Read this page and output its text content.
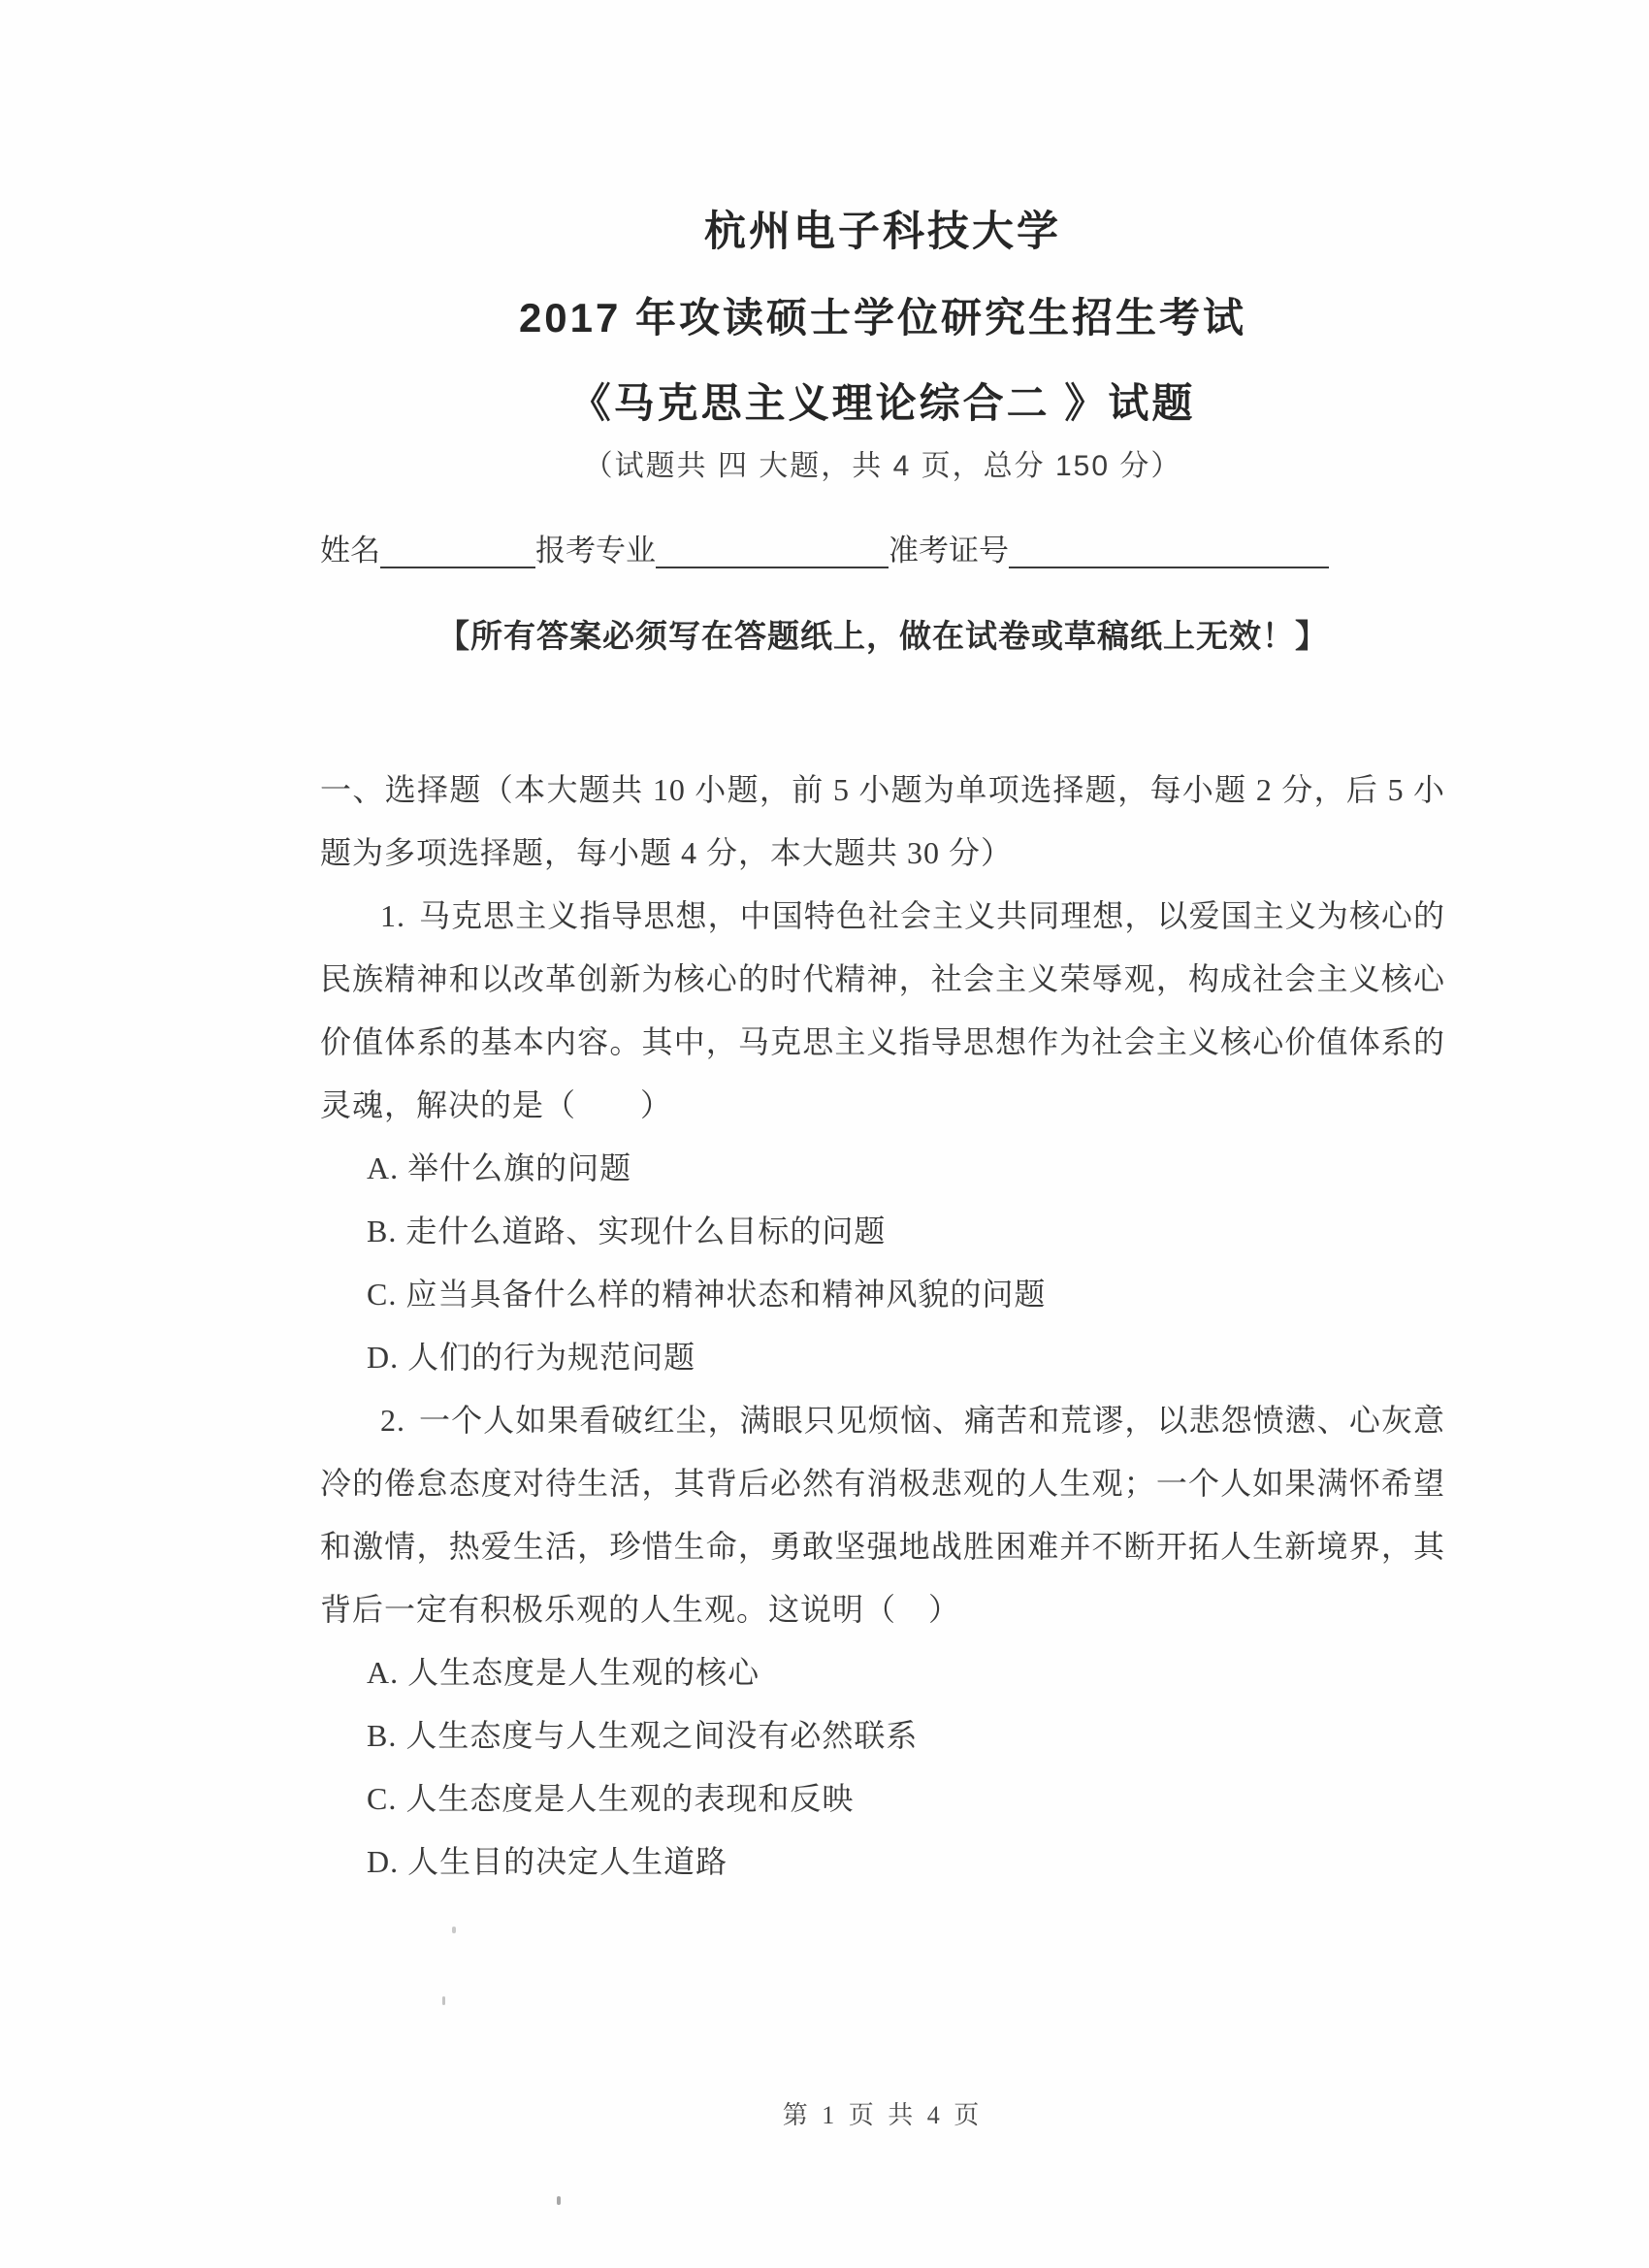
杭州电子科技大学
2017 年攻读硕士学位研究生招生考试
《马克思主义理论综合二 》试题

（试题共 四 大题，共 4 页，总分 150 分）

姓名	报考专业	准考证号

【所有答案必须写在答题纸上，做在试卷或草稿纸上无效！】

一、选择题（本大题共 10 小题，前 5 小题为单项选择题，每小题 2 分，后 5 小题为多项选择题，每小题 4 分，本大题共 30 分）

1. 马克思主义指导思想，中国特色社会主义共同理想，以爱国主义为核心的民族精神和以改革创新为核心的时代精神，社会主义荣辱观，构成社会主义核心价值体系的基本内容。其中，马克思主义指导思想作为社会主义核心价值体系的灵魂，解决的是（　　）

A. 举什么旗的问题

B. 走什么道路、实现什么目标的问题

C. 应当具备什么样的精神状态和精神风貌的问题

D. 人们的行为规范问题

2. 一个人如果看破红尘，满眼只见烦恼、痛苦和荒谬，以悲怨愤懑、心灰意冷的倦怠态度对待生活，其背后必然有消极悲观的人生观；一个人如果满怀希望和激情，热爱生活，珍惜生命，勇敢坚强地战胜困难并不断开拓人生新境界，其背后一定有积极乐观的人生观。这说明（　）

A. 人生态度是人生观的核心

B. 人生态度与人生观之间没有必然联系

C. 人生态度是人生观的表现和反映

D. 人生目的决定人生道路

第 1 页 共 4 页
